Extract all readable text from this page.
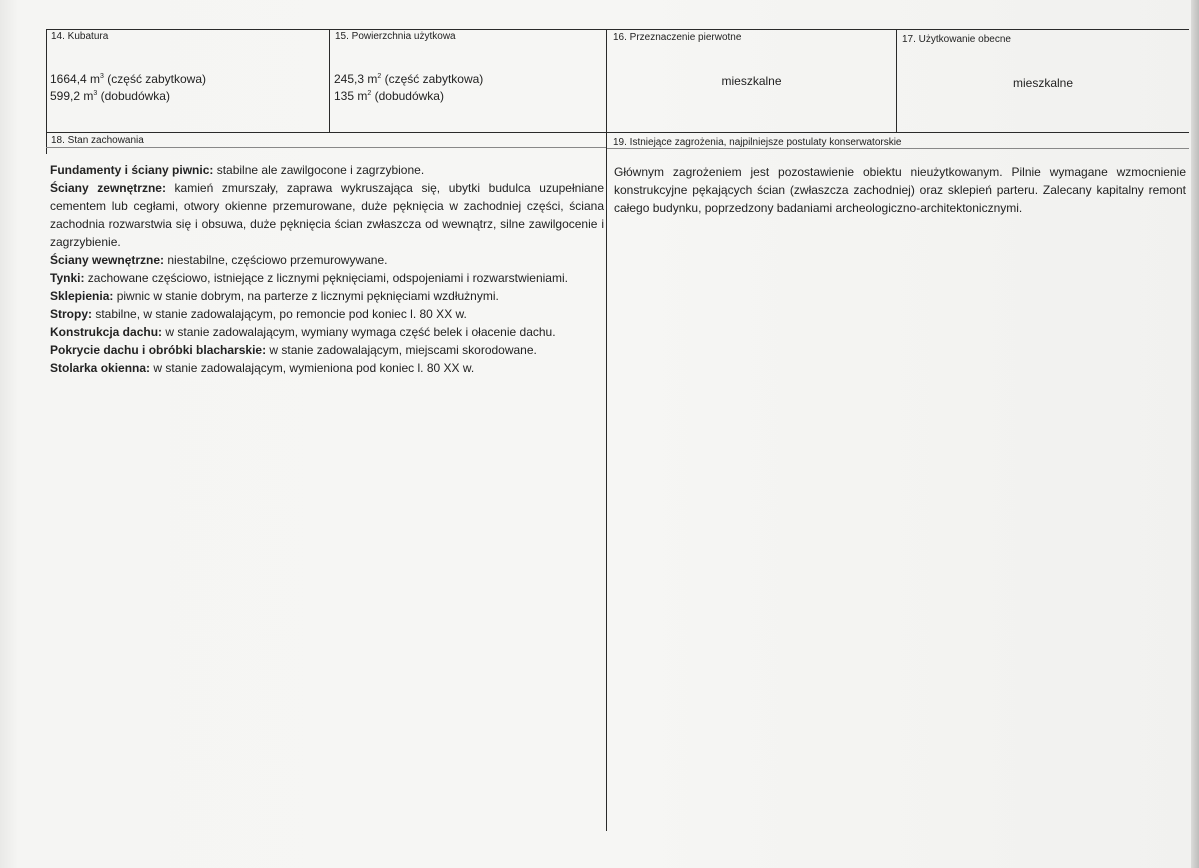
14. Kubatura
1664,4 $m^3$ (część zabytkowa)
599,2 $m^3$ (dobudówka)
15. Powierzchnia użytkowa
245,3 $m^2$ (część zabytkowa)
135 $m^2$ (dobudówka)
16. Przeznaczenie pierwotne
mieszkalne
17. Użytkowanie obecne
mieszkalne
18. Stan zachowania

Fundamenty i ściany piwnic: stabilne ale zawilgocone i zagrzybione.

Ściany zewnętrzne: kamień zmurszały, zaprawa wykruszająca się, ubytki budulca uzupełniane cementem lub cegłami, otwory okienne przemurowane, duże pęknięcia w zachodniej części, ściana zachodnia rozwarstwia się i obsuwa, duże pęknięcia ścian zwłaszcza od wewnątrz, silne zawilgocenie i zagrzybienie.

Ściany wewnętrzne: niestabilne, częściowo przemurowywane.

Tynki: zachowane częściowo, istniejące z licznymi pęknięciami, odspojeniami i rozwarstwieniami.

Sklepienia: piwnic w stanie dobrym, na parterze z licznymi pęknięciami wzdłużnymi.

Stropy: stabilne, w stanie zadowalającym, po remoncie pod koniec l. 80 XX w.

Konstrukcja dachu: w stanie zadowalającym, wymiany wymaga część belek i ołacenie dachu.

Pokrycie dachu i obróbki blacharskie: w stanie zadowalającym, miejscami skorodowane.

Stolarka okienna: w stanie zadowalającym, wymieniona pod koniec l. 80 XX w.

19. Istniejące zagrożenia, najpilniejsze postulaty konserwatorskie

Głównym zagrożeniem jest pozostawienie obiektu nieużytkowanym. Pilnie wymagane wzmocnienie konstrukcyjne pękających ścian (zwłaszcza zachodniej) oraz sklepień parteru. Zalecany kapitalny remont całego budynku, poprzedzony badaniami archeologiczno-architektonicznymi.
